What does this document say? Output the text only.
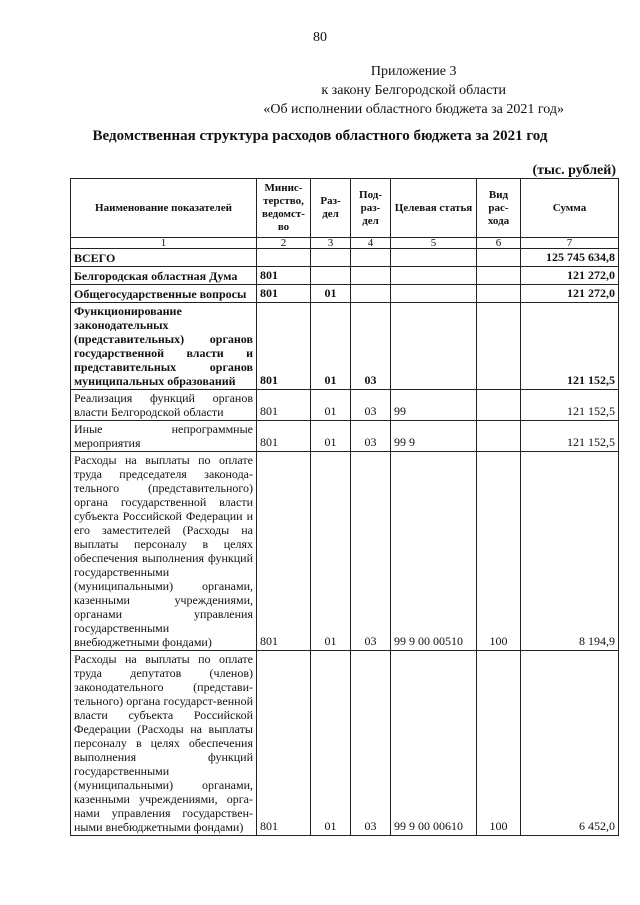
80
Приложение 3
к закону Белгородской области
«Об исполнении областного бюджета за 2021 год»
Ведомственная структура расходов областного бюджета за 2021 год
(тыс. рублей)
Наименование показателей	Минис-терство, ведомст-во	Раз-дел	Под-раз-дел	Целевая статья	Вид рас-хода	Сумма
1	2	3	4	5	6	7
ВСЕГО						125 745 634,8
Белгородская областная Дума	801					121 272,0
Общегосударственные вопросы	801	01				121 272,0
Функционирование законодательных (представительных) органов государственной власти и представительных органов муниципальных образований	801	01	03			121 152,5
Реализация функций органов власти Белгородской области	801	01	03	99		121 152,5
Иные непрограммные мероприятия	801	01	03	99 9		121 152,5
Расходы на выплаты по оплате труда председателя законода-тельного (представительного) органа государственной власти субъекта Российской Федерации и его заместителей (Расходы на выплаты персоналу в целях обеспечения выполнения функций государственными (муниципальными) органами, казенными учреждениями, органами управления государственными внебюджетными фондами)	801	01	03	99 9 00 00510	100	8 194,9
Расходы на выплаты по оплате труда депутатов (членов) законодательного (представи-тельного) органа государст-венной власти субъекта Российской Федерации (Расходы на выплаты персоналу в целях обеспечения выполнения функций государственными (муниципальными) органами, казенными учреждениями, орга-нами управления государствен-ными внебюджетными фондами)	801	01	03	99 9 00 00610	100	6 452,0
